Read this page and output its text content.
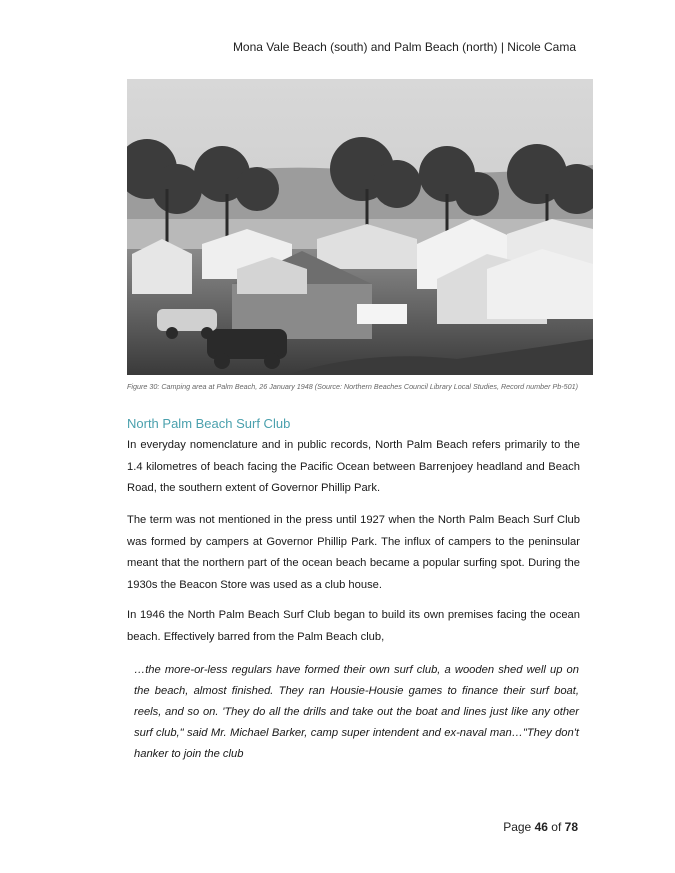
Mona Vale Beach (south) and Palm Beach (north) | Nicole Cama
Figure 30: Camping area at Palm Beach, 26 January 1948 (Source: Northern Beaches Council Library Local Studies, Record number Pb-501)
North Palm Beach Surf Club

In everyday nomenclature and in public records, North Palm Beach refers primarily to the 1.4 kilometres of beach facing the Pacific Ocean between Barrenjoey headland and Beach Road, the southern extent of Governor Phillip Park.

The term was not mentioned in the press until 1927 when the North Palm Beach Surf Club was formed by campers at Governor Phillip Park. The influx of campers to the peninsular meant that the northern part of the ocean beach became a popular surfing spot. During the 1930s the Beacon Store was used as a club house.

In 1946 the North Palm Beach Surf Club began to build its own premises facing the ocean beach. Effectively barred from the Palm Beach club,

…the more-or-less regulars have formed their own surf club, a wooden shed well up on the beach, almost finished. They ran Housie-Housie games to finance their surf boat, reels, and so on. 'They do all the drills and take out the boat and lines just like any other surf club," said Mr. Michael Barker, camp super intendent and ex-naval man…"They don't hanker to join the club

Page 46 of 78
